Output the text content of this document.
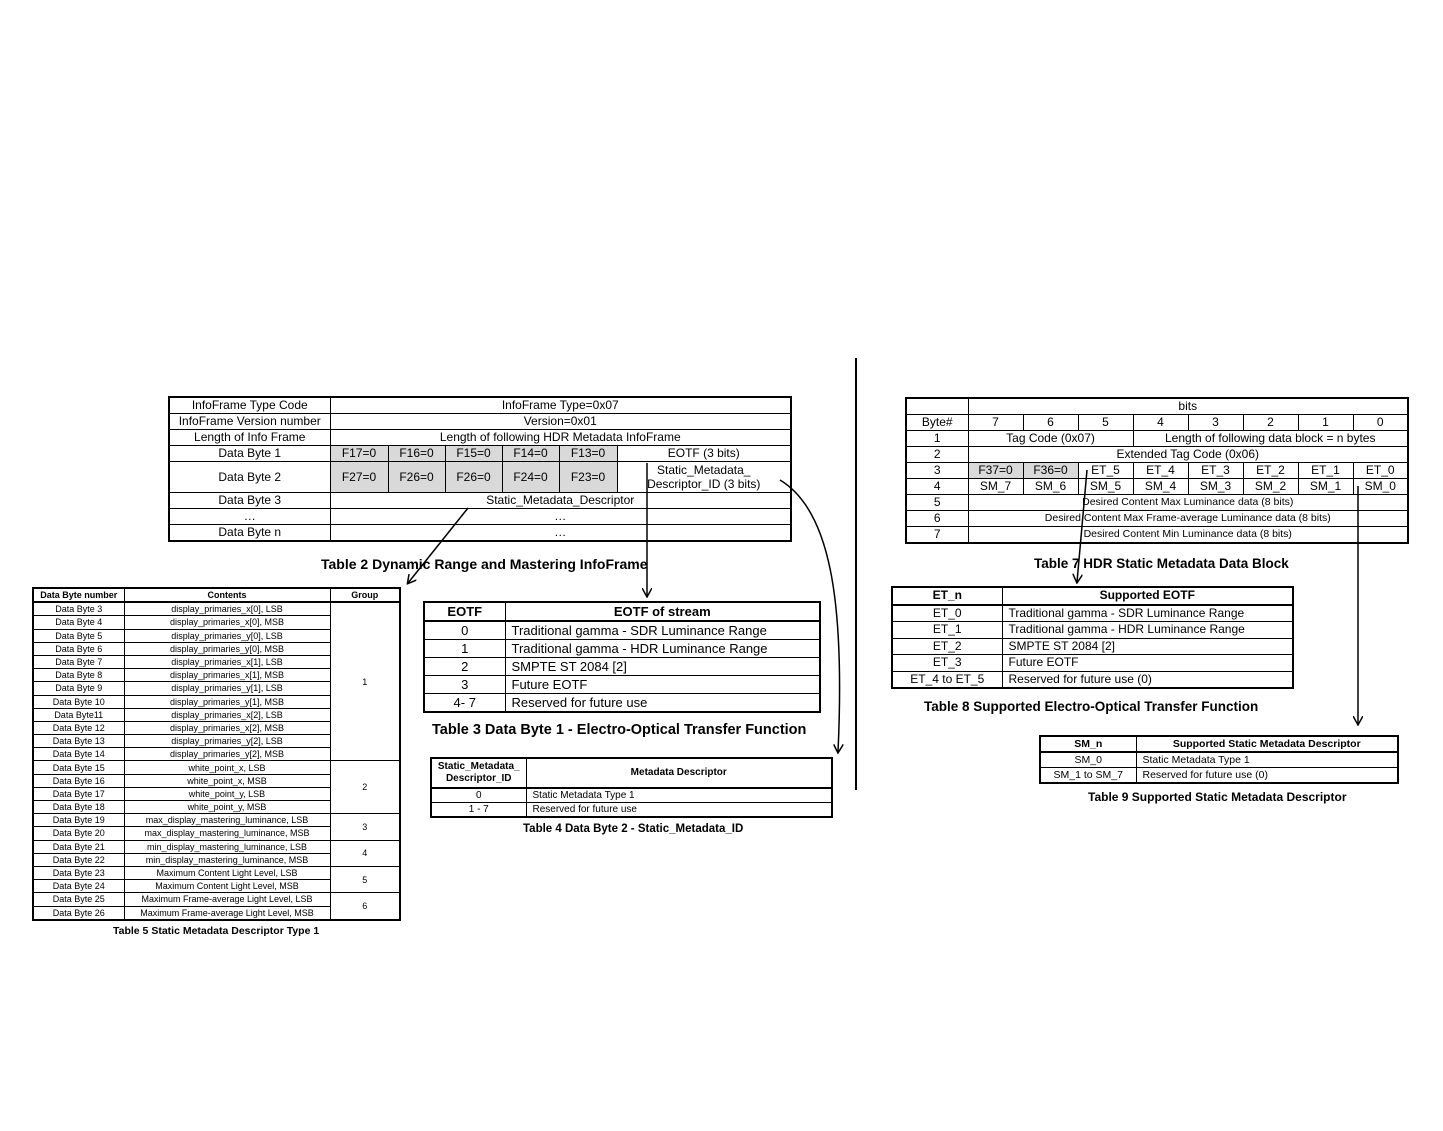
InfoFrame Type Code	InfoFrame Type=0x07					
InfoFrame Version number	Version=0x01					
Length of Info Frame	Length of following HDR Metadata InfoFrame					
Data Byte 1	F17=0	F16=0	F15=0	F14=0	F13=0	EOTF (3 bits)
Data Byte 2	F27=0	F26=0	F26=0	F24=0	F23=0	Static_Metadata_
Descriptor_ID (3 bits)
Data Byte 3	Static_Metadata_Descriptor					
…	…					
Data Byte n	…					
Table 2 Dynamic Range and Mastering InfoFrame
Data Byte number	Contents	Group
Data Byte 3	display_primaries_x[0], LSB	1
Data Byte 4	display_primaries_x[0], MSB	
Data Byte 5	display_primaries_y[0], LSB	
Data Byte 6	display_primaries_y[0], MSB	
Data Byte 7	display_primaries_x[1], LSB	
Data Byte 8	display_primaries_x[1], MSB	
Data Byte 9	display_primaries_y[1], LSB	
Data Byte 10	display_primaries_y[1], MSB	
Data Byte11	display_primaries_x[2], LSB	
Data Byte 12	display_primaries_x[2], MSB	
Data Byte 13	display_primaries_y[2], LSB	
Data Byte 14	display_primaries_y[2], MSB	
Data Byte 15	white_point_x, LSB	2
Data Byte 16	white_point_x, MSB	
Data Byte 17	white_point_y, LSB	
Data Byte 18	white_point_y, MSB	
Data Byte 19	max_display_mastering_luminance, LSB	3
Data Byte 20	max_display_mastering_luminance, MSB	
Data Byte 21	min_display_mastering_luminance, LSB	4
Data Byte 22	min_display_mastering_luminance, MSB	
Data Byte 23	Maximum Content Light Level, LSB	5
Data Byte 24	Maximum Content Light Level, MSB	
Data Byte 25	Maximum Frame-average Light Level, LSB	6
Data Byte 26	Maximum Frame-average Light Level, MSB	
Table 5 Static Metadata Descriptor Type 1
EOTF	EOTF of stream
0	Traditional gamma - SDR Luminance Range
1	Traditional gamma - HDR Luminance Range
2	SMPTE ST 2084 [2]
3	Future EOTF
4- 7	Reserved for future use
Table 3 Data Byte 1 - Electro-Optical Transfer Function
Static_Metadata_ Descriptor_ID	Metadata Descriptor
0	Static Metadata Type 1
1 - 7	Reserved for future use
Table 4 Data Byte 2 - Static_Metadata_ID
	bits							
Byte#	7	6	5	4	3	2	1	0
1	Tag Code (0x07)			Length of following data block = n bytes				
2	Extended Tag Code (0x06)							
3	F37=0	F36=0	ET_5	ET_4	ET_3	ET_2	ET_1	ET_0
4	SM_7	SM_6	SM_5	SM_4	SM_3	SM_2	SM_1	SM_0
5	Desired Content Max Luminance data (8 bits)							
6	Desired Content Max Frame-average Luminance data (8 bits)							
7	Desired Content Min Luminance data (8 bits)							
Table 7 HDR Static Metadata Data Block
ET_n	Supported EOTF
ET_0	Traditional gamma - SDR Luminance Range
ET_1	Traditional gamma - HDR Luminance Range
ET_2	SMPTE ST 2084 [2]
ET_3	Future EOTF
ET_4 to ET_5	Reserved for future use (0)
Table 8 Supported Electro-Optical Transfer Function
SM_n	Supported Static Metadata Descriptor
SM_0	Static Metadata Type 1
SM_1 to SM_7	Reserved for future use (0)
Table 9 Supported Static Metadata Descriptor
